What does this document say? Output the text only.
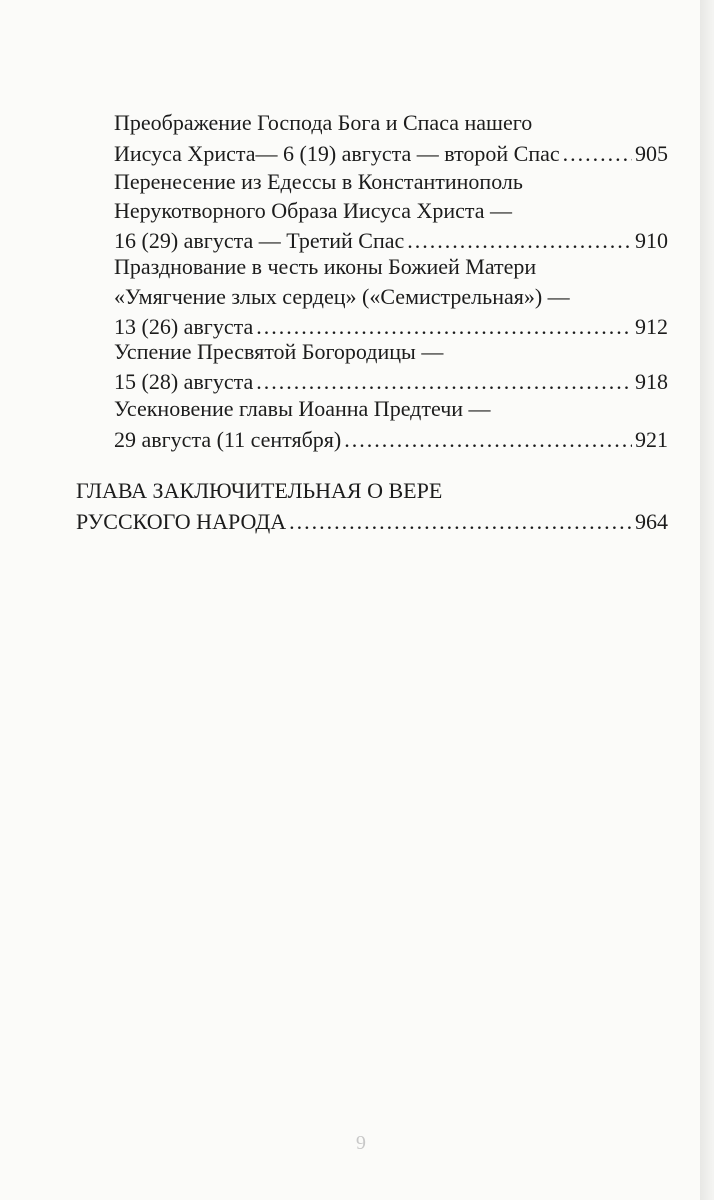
Преображение Господа Бога и Спаса нашего
Иисуса Христа— 6 (19) августа — второй Спас .....	905
Перенесение из Едессы в Константинополь
Нерукотворного Образа Иисуса Христа —
16 (29) августа — Третий Спас .....	910
Празднование в честь иконы Божией Матери
«Умягчение злых сердец» («Семистрельная») —
13 (26) августа .....	912
Успение Пресвятой Богородицы —
15 (28) августа .....	918
Усекновение главы Иоанна Предтечи —
29 августа (11 сентября) .....	921
ГЛАВА ЗАКЛЮЧИТЕЛЬНАЯ О ВЕРЕ
РУССКОГО НАРОДА .....	964
6
